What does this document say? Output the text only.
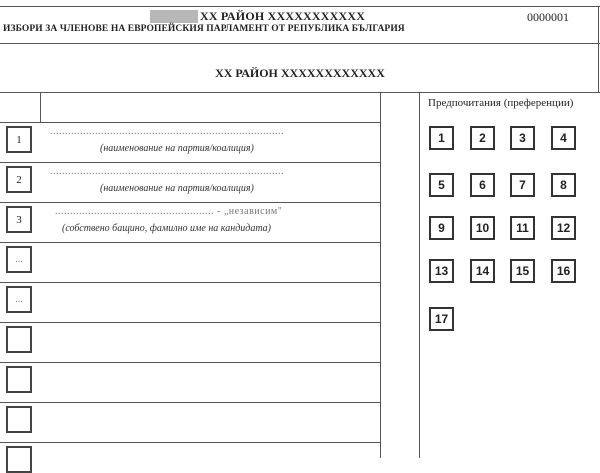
XX РАЙОН XXXXXXXXXXX	0000001
ИЗБОРИ ЗА ЧЛЕНОВЕ НА ЕВРОПЕЙСКИЯ ПАРЛАМЕНТ ОТ РЕПУБЛИКА БЪЛГАРИЯ
XX РАЙОН XXXXXXXXXXXX
Предпочитания (преференции)
1
..............................................................................
(наименование на партия/коалиция)
2
..............................................................................
(наименование на партия/коалиция)
3
..................................................... - „независим"
(собствено бащино, фамилно име на кандидата)
...
...
1	2	3	4
5	6	7	8
9	10	11	12
13	14	15	16
17
